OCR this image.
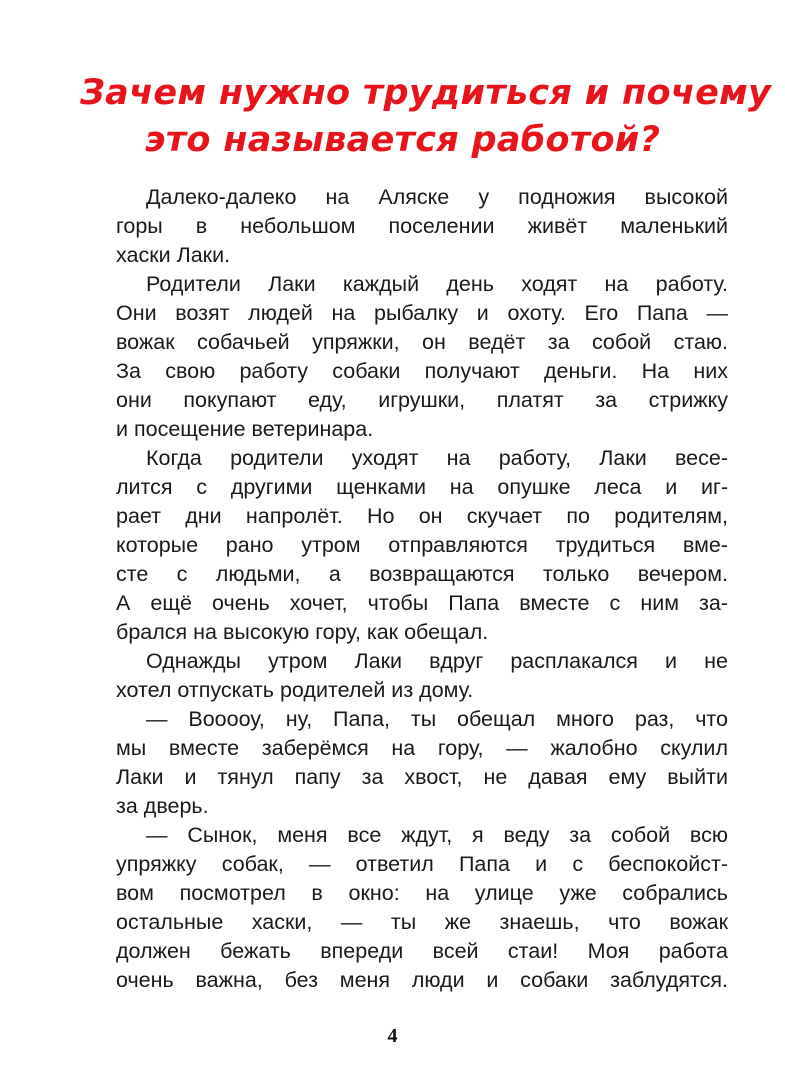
Зачем нужно трудиться и почему
это называется работой?
Далеко-далеко на Аляске у подножия высокой
горы в небольшом поселении живёт маленький
хаски Лаки.
Родители Лаки каждый день ходят на работу.
Они возят людей на рыбалку и охоту. Его Папа —
вожак собачьей упряжки, он ведёт за собой стаю.
За свою работу собаки получают деньги. На них
они покупают еду, игрушки, платят за стрижку
и посещение ветеринара.
Когда родители уходят на работу, Лаки весе-
лится с другими щенками на опушке леса и иг-
рает дни напролёт. Но он скучает по родителям,
которые рано утром отправляются трудиться вме-
сте с людьми, а возвращаются только вечером.
А ещё очень хочет, чтобы Папа вместе с ним за-
брался на высокую гору, как обещал.
Однажды утром Лаки вдруг расплакался и не
хотел отпускать родителей из дому.
— Вооооу, ну, Папа, ты обещал много раз, что
мы вместе заберёмся на гору, — жалобно скулил
Лаки и тянул папу за хвост, не давая ему выйти
за дверь.
— Сынок, меня все ждут, я веду за собой всю
упряжку собак, — ответил Папа и с беспокойст-
вом посмотрел в окно: на улице уже собрались
остальные хаски, — ты же знаешь, что вожак
должен бежать впереди всей стаи! Моя работа
очень важна, без меня люди и собаки заблудятся.
4
